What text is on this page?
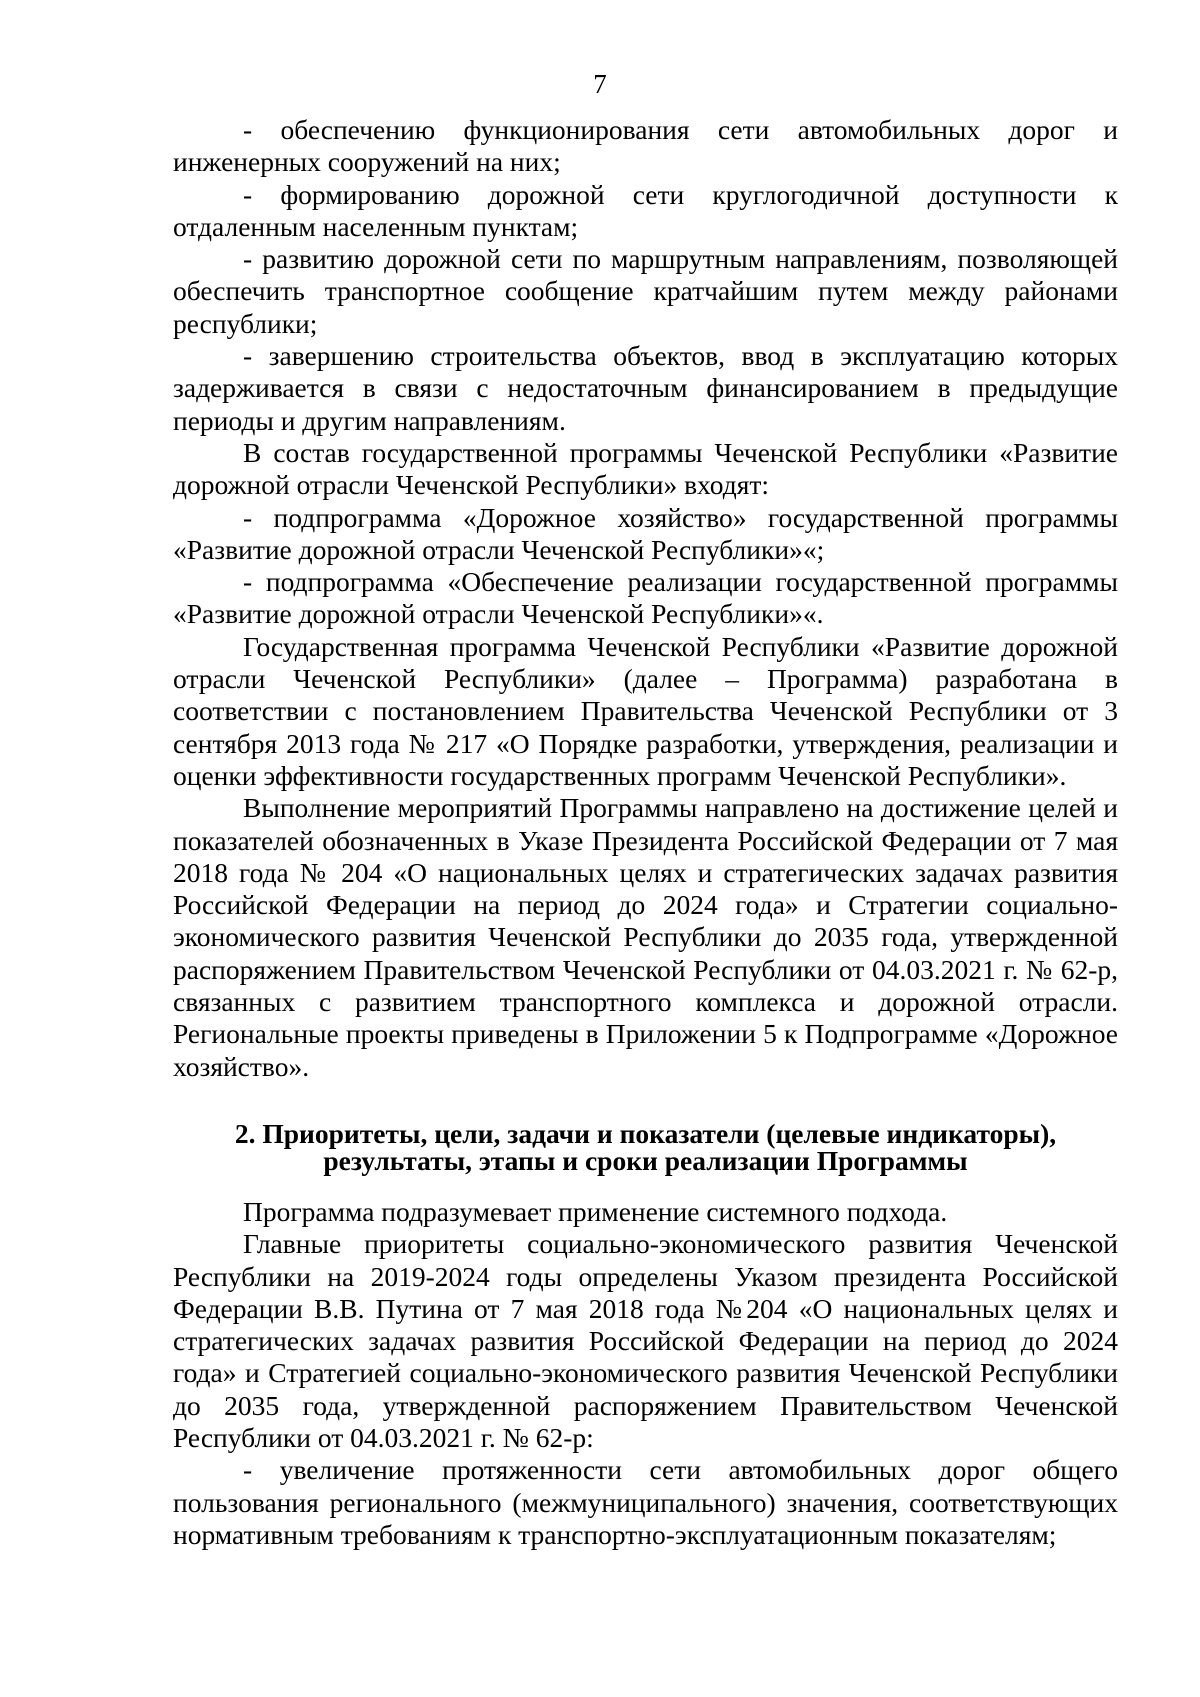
7

- обеспечению функционирования сети автомобильных дорог и инженерных сооружений на них;

- формированию дорожной сети круглогодичной доступности к отдаленным населенным пунктам;

- развитию дорожной сети по маршрутным направлениям, позволяющей обеспечить транспортное сообщение кратчайшим путем между районами республики;

- завершению строительства объектов, ввод в эксплуатацию которых задерживается в связи с недостаточным финансированием в предыдущие периоды и другим направлениям.

В состав государственной программы Чеченской Республики «Развитие дорожной отрасли Чеченской Республики» входят:

- подпрограмма «Дорожное хозяйство» государственной программы «Развитие дорожной отрасли Чеченской Республики»«;

- подпрограмма «Обеспечение реализации государственной программы «Развитие дорожной отрасли Чеченской Республики»«.

Государственная программа Чеченской Республики «Развитие дорожной отрасли Чеченской Республики» (далее – Программа) разработана в соответствии с постановлением Правительства Чеченской Республики от 3 сентября 2013 года № 217 «О Порядке разработки, утверждения, реализации и оценки эффективности государственных программ Чеченской Республики».

Выполнение мероприятий Программы направлено на достижение целей и показателей обозначенных в Указе Президента Российской Федерации от 7 мая 2018 года № 204 «О национальных целях и стратегических задачах развития Российской Федерации на период до 2024 года» и Стратегии социально-экономического развития Чеченской Республики до 2035 года, утвержденной распоряжением Правительством Чеченской Республики от 04.03.2021 г. № 62-р, связанных с развитием транспортного комплекса и дорожной отрасли. Региональные проекты приведены в Приложении 5 к Подпрограмме «Дорожное хозяйство».

2. Приоритеты, цели, задачи и показатели (целевые индикаторы),
результаты, этапы и сроки реализации Программы

Программа подразумевает применение системного подхода.

Главные приоритеты социально-экономического развития Чеченской Республики на 2019-2024 годы определены Указом президента Российской Федерации В.В. Путина от 7 мая 2018 года №204 «О национальных целях и стратегических задачах развития Российской Федерации на период до 2024 года» и Стратегией социально-экономического развития Чеченской Республики до 2035 года, утвержденной распоряжением Правительством Чеченской Республики от 04.03.2021 г. № 62-р:

- увеличение протяженности сети автомобильных дорог общего пользования регионального (межмуниципального) значения, соответствующих нормативным требованиям к транспортно-эксплуатационным показателям;
